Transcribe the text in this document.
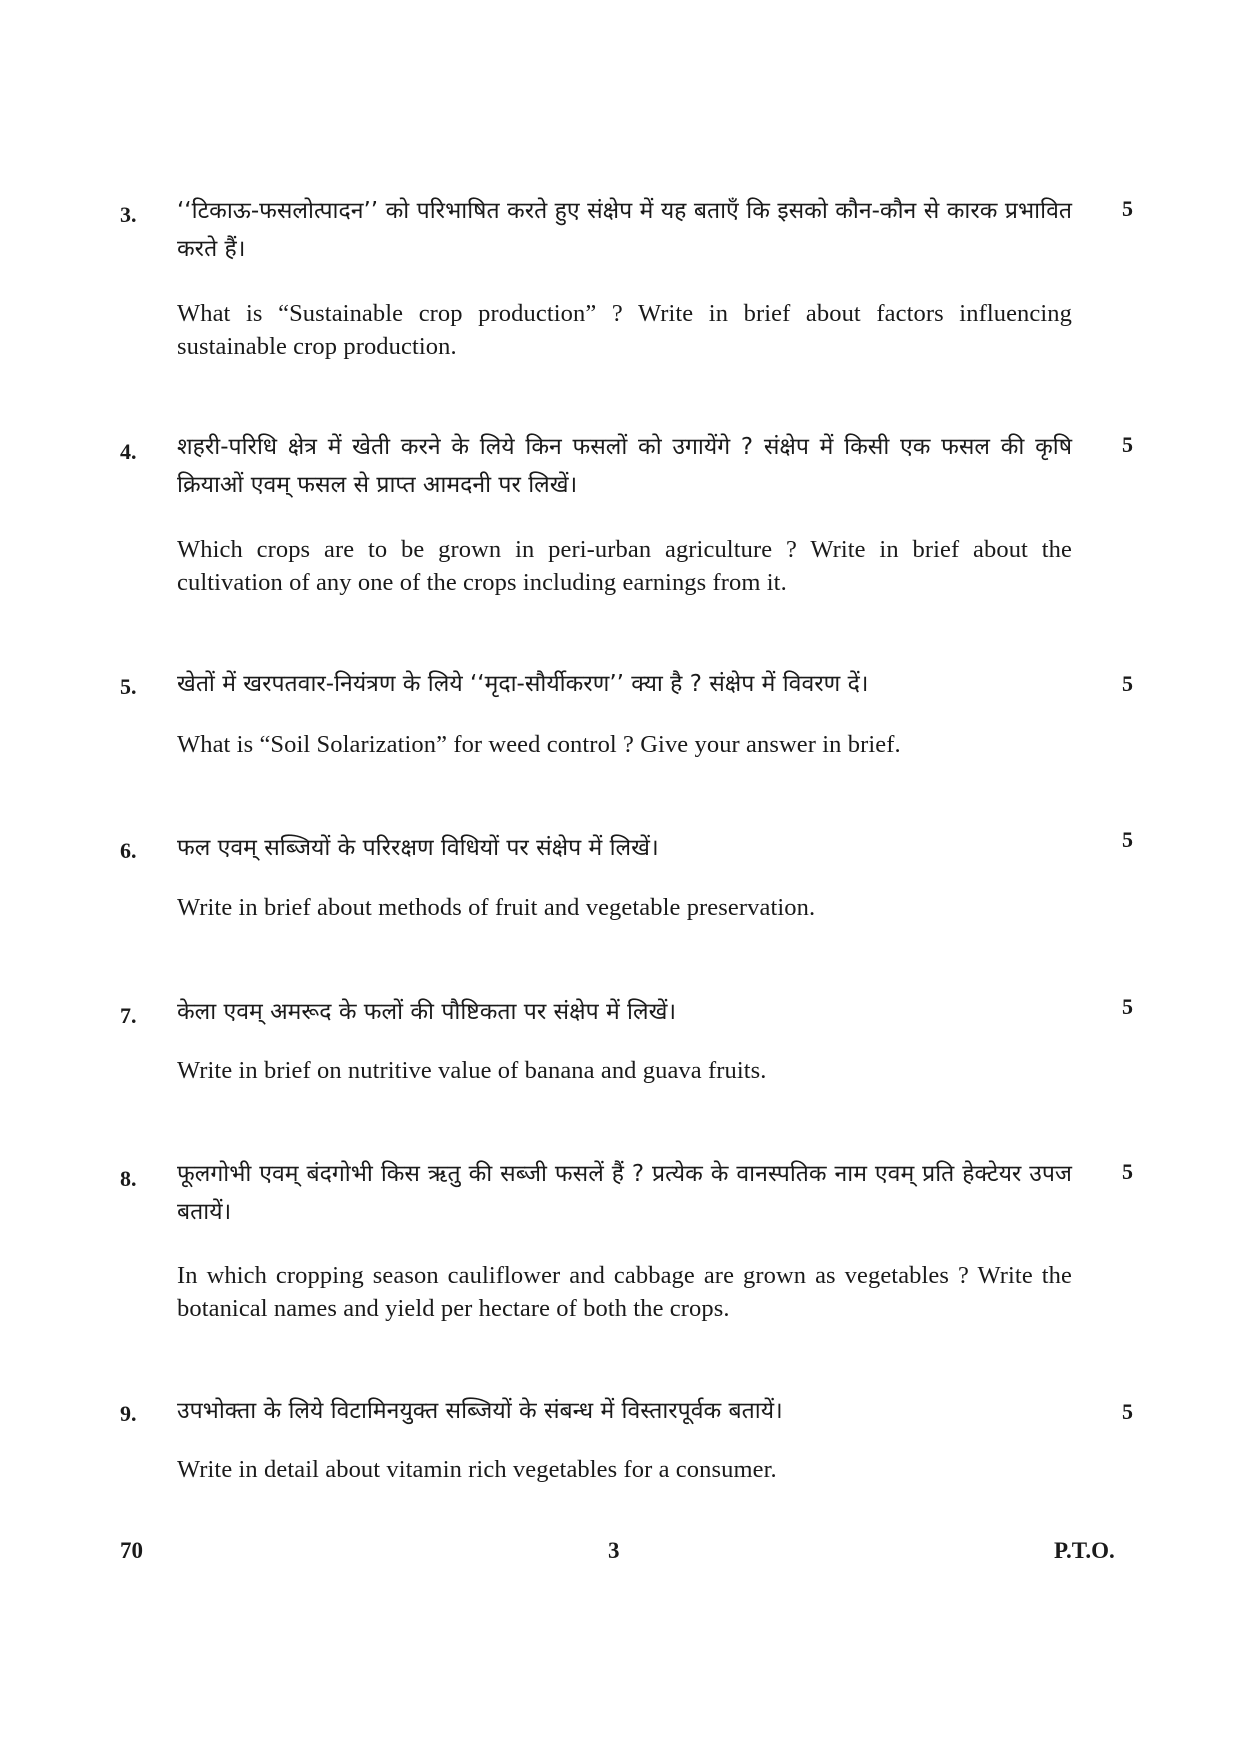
3.	5

‘‘टिकाऊ-फसलोत्पादन’’ को परिभाषित करते हुए संक्षेप में यह बताएँ कि इसको कौन-कौन से कारक प्रभावित करते हैं।

What is “Sustainable crop production” ? Write in brief about factors influencing sustainable crop production.

4.	5

शहरी-परिधि क्षेत्र में खेती करने के लिये किन फसलों को उगायेंगे ? संक्षेप में किसी एक फसल की कृषि क्रियाओं एवम् फसल से प्राप्त आमदनी पर लिखें।

Which crops are to be grown in peri-urban agriculture ? Write in brief about the cultivation of any one of the crops including earnings from it.

5.	5

खेतों में खरपतवार-नियंत्रण के लिये ‘‘मृदा-सौर्यीकरण’’ क्या है ? संक्षेप में विवरण दें।

What is “Soil Solarization” for weed control ? Give your answer in brief.

6.	5

फल एवम् सब्जियों के परिरक्षण विधियों पर संक्षेप में लिखें।

Write in brief about methods of fruit and vegetable preservation.

7.	5

केला एवम् अमरूद के फलों की पौष्टिकता पर संक्षेप में लिखें।

Write in brief on nutritive value of banana and guava fruits.

8.	5

फूलगोभी एवम् बंदगोभी किस ऋतु की सब्जी फसलें हैं ? प्रत्येक के वानस्पतिक नाम एवम् प्रति हेक्टेयर उपज बतायें।

In which cropping season cauliflower and cabbage are grown as vegetables ? Write the botanical names and yield per hectare of both the crops.

9.	5

उपभोक्ता के लिये विटामिनयुक्त सब्जियों के संबन्ध में विस्तारपूर्वक बतायें।

Write in detail about vitamin rich vegetables for a consumer.

70	3	P.T.O.
